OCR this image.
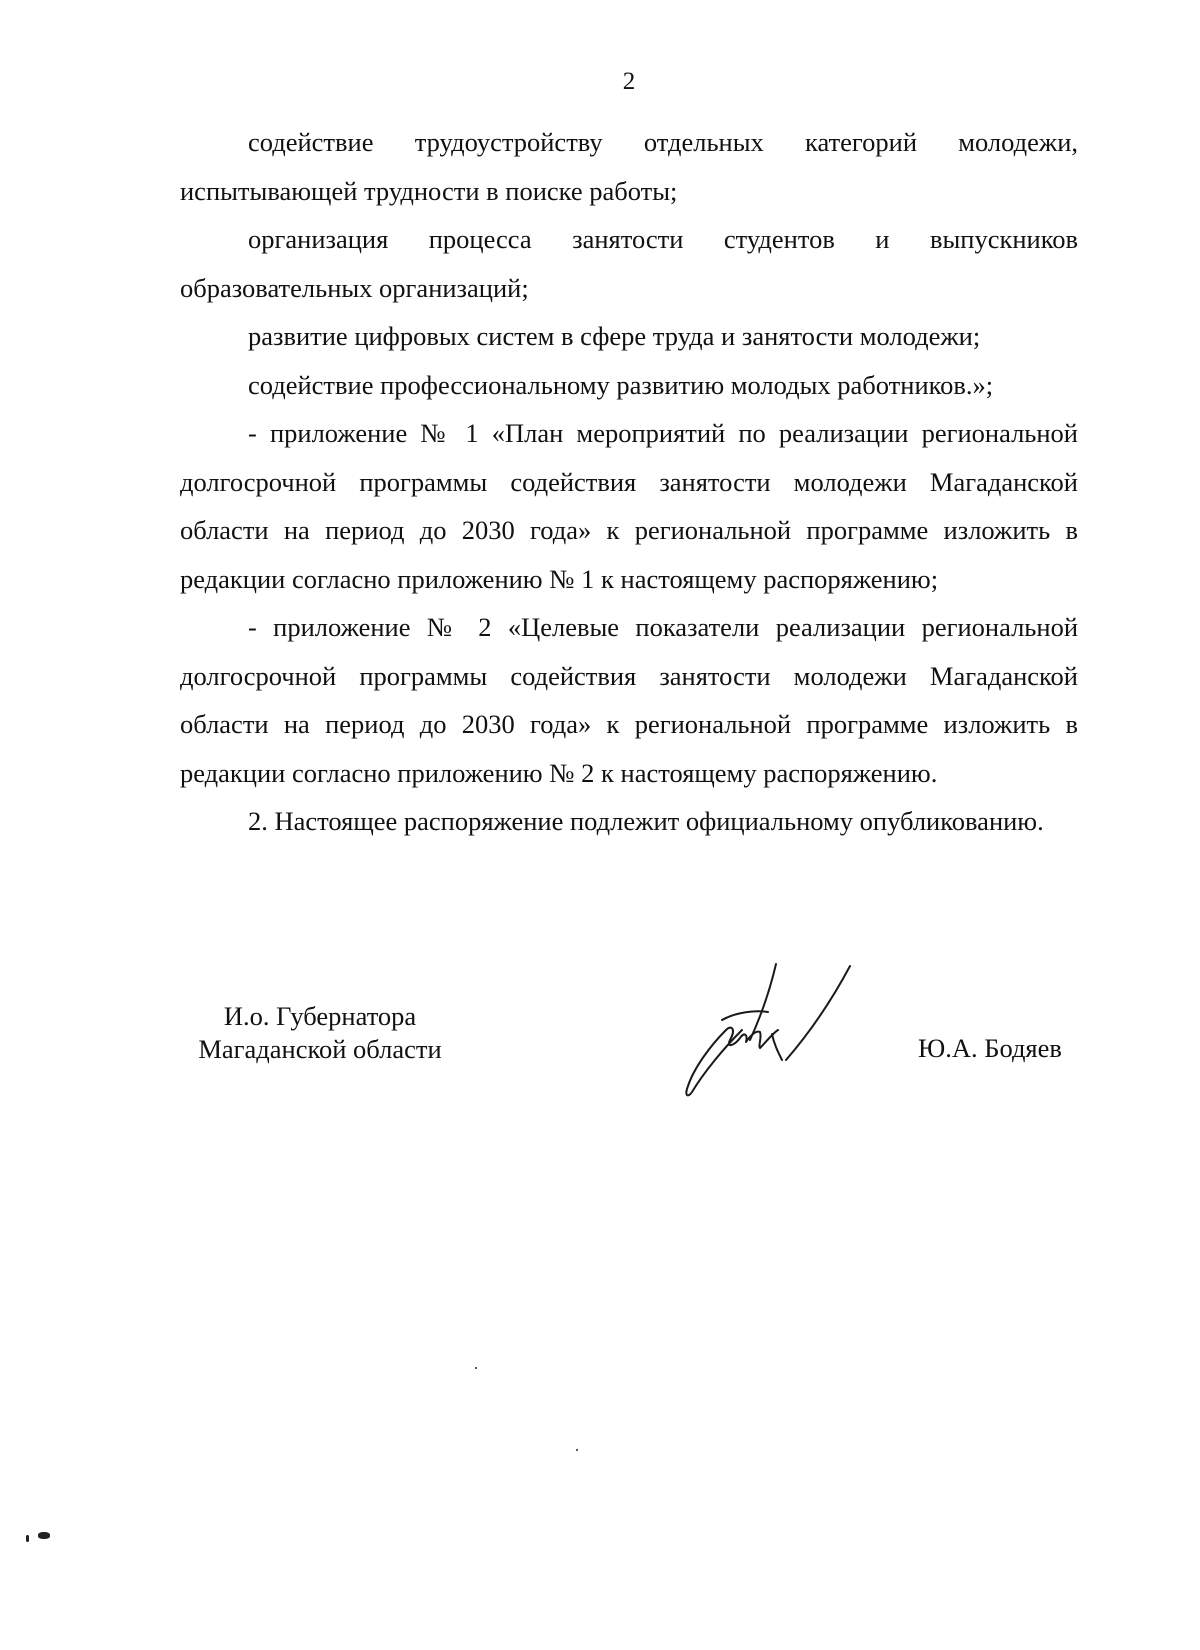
2

содействие трудоустройству отдельных категорий молодежи, испытывающей трудности в поиске работы;

организация процесса занятости студентов и выпускников образовательных организаций;

развитие цифровых систем в сфере труда и занятости молодежи;

содействие профессиональному развитию молодых работников.»;

- приложение № 1 «План мероприятий по реализации региональной долгосрочной программы содействия занятости молодежи Магаданской области на период до 2030 года» к региональной программе изложить в редакции согласно приложению № 1 к настоящему распоряжению;

- приложение № 2 «Целевые показатели реализации региональной долгосрочной программы содействия занятости молодежи Магаданской области на период до 2030 года» к региональной программе изложить в редакции согласно приложению № 2 к настоящему распоряжению.

2. Настоящее распоряжение подлежит официальному опубликованию.

И.о. Губернатора
Магаданской области	Ю.А. Бодяев
